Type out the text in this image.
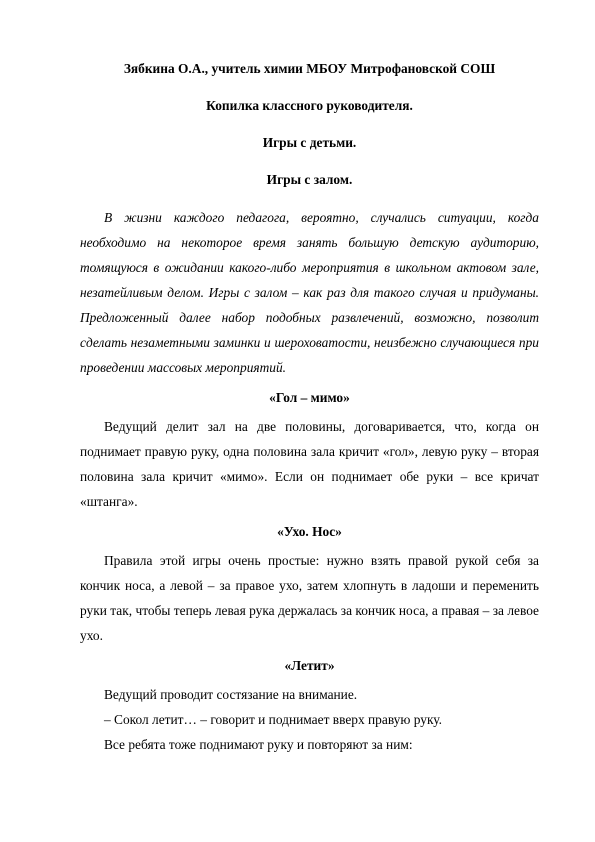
Зябкина О.А., учитель химии МБОУ Митрофановской СОШ

Копилка классного руководителя.

Игры с детьми.

Игры с залом.

В жизни каждого педагога, вероятно, случались ситуации, когда необходимо на некоторое время занять большую детскую аудиторию, томящуюся в ожидании какого-либо мероприятия в школьном актовом зале, незатейливым делом. Игры с залом – как раз для такого случая и придуманы. Предложенный далее набор подобных развлечений, возможно, позволит сделать незаметными заминки и шероховатости, неизбежно случающиеся при проведении массовых мероприятий.

«Гол – мимо»

Ведущий делит зал на две половины, договаривается, что, когда он поднимает правую руку, одна половина зала кричит «гол», левую руку – вторая половина зала кричит «мимо». Если он поднимает обе руки – все кричат «штанга».

«Ухо. Нос»

Правила этой игры очень простые: нужно взять правой рукой себя за кончик носа, а левой – за правое ухо, затем хлопнуть в ладоши и переменить руки так, чтобы теперь левая рука держалась за кончик носа, а правая – за левое ухо.

«Летит»

Ведущий проводит состязание на внимание.

– Сокол летит… – говорит и поднимает вверх правую руку.

Все ребята тоже поднимают руку и повторяют за ним:
